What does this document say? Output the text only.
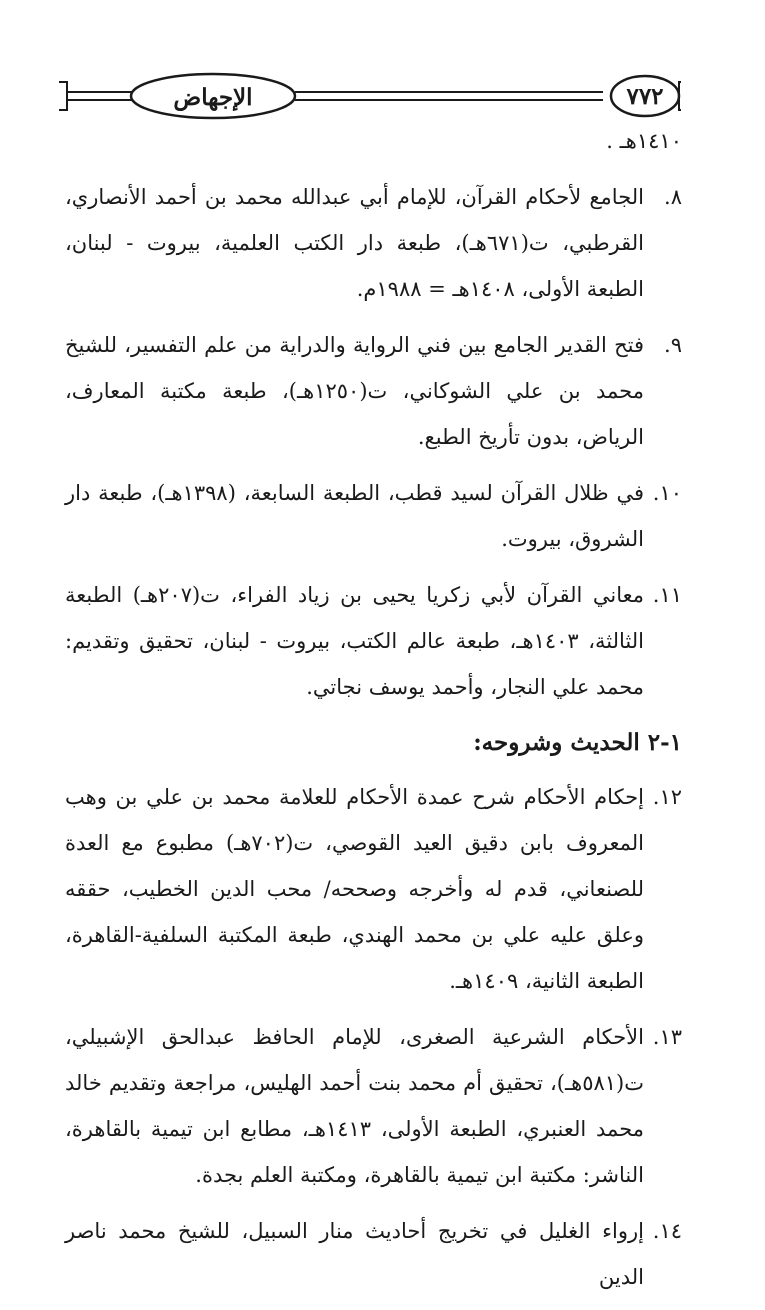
الإجهاض	٧٧٢

١٤١٠هـ .

٨.
الجامع لأحكام القرآن، للإمام أبي عبدالله محمد بن أحمد الأنصاري، القرطبي، ت(٦٧١هـ)، طبعة دار الكتب العلمية، بيروت - لبنان، الطبعة الأولى، ١٤٠٨هـ = ١٩٨٨م.

٩.
فتح القدير الجامع بين فني الرواية والدراية من علم التفسير، للشيخ محمد بن علي الشوكاني، ت(١٢٥٠هـ)، طبعة مكتبة المعارف، الرياض، بدون تأريخ الطبع.

١٠.
في ظلال القرآن لسيد قطب، الطبعة السابعة، (١٣٩٨هـ)، طبعة دار الشروق، بيروت.

١١.
معاني القرآن لأبي زكريا يحيى بن زياد الفراء، ت(٢٠٧هـ) الطبعة الثالثة، ١٤٠٣هـ، طبعة عالم الكتب، بيروت - لبنان، تحقيق وتقديم: محمد علي النجار، وأحمد يوسف نجاتي.

١-٢ الحديث وشروحه:

١٢.
إحكام الأحكام شرح عمدة الأحكام للعلامة محمد بن علي بن وهب المعروف بابن دقيق العيد القوصي، ت(٧٠٢هـ) مطبوع مع العدة للصنعاني، قدم له وأخرجه وصححه/ محب الدين الخطيب، حققه وعلق عليه علي بن محمد الهندي، طبعة المكتبة السلفية-القاهرة، الطبعة الثانية، ١٤٠٩هـ.

١٣.
الأحكام الشرعية الصغرى، للإمام الحافظ عبدالحق الإشبيلي، ت(٥٨١هـ)، تحقيق أم محمد بنت أحمد الهليس، مراجعة وتقديم خالد محمد العنبري، الطبعة الأولى، ١٤١٣هـ، مطابع ابن تيمية بالقاهرة، الناشر: مكتبة ابن تيمية بالقاهرة، ومكتبة العلم بجدة.

١٤.
إرواء الغليل في تخريج أحاديث منار السبيل، للشيخ محمد ناصر الدين
